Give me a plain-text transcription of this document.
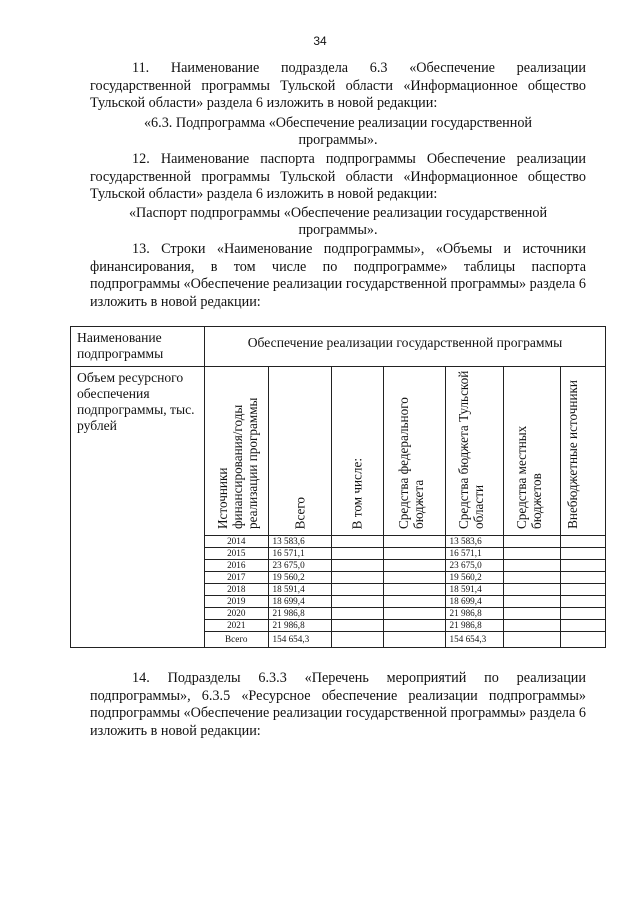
34
11. Наименование подраздела 6.3 «Обеспечение реализации государственной программы Тульской области «Информационное общество Тульской области» раздела 6 изложить в новой редакции:
«6.3. Подпрограмма «Обеспечение реализации государственной
программы».
12. Наименование паспорта подпрограммы Обеспечение реализации государственной программы Тульской области «Информационное общество Тульской области» раздела 6 изложить в новой редакции:
«Паспорт подпрограммы «Обеспечение реализации государственной
программы».
13. Строки «Наименование подпрограммы», «Объемы и источники финансирования, в том числе по подпрограмме» таблицы паспорта подпрограммы «Обеспечение реализации государственной программы» раздела 6 изложить в новой редакции:
Наименование подпрограммы	Обеспечение реализации государственной программы
Объем ресурсного обеспечения подпрограммы, тыс. рублей	
Источники финансирования/годы реализации программы	Всего	В том числе:	Средства федерального бюджета	Средства бюджета Тульской области	Средства местных бюджетов	Внебюджетные источники

2014	13 583,6			13 583,6		
2015	16 571,1			16 571,1		
2016	23 675,0			23 675,0		
2017	19 560,2			19 560,2		
2018	18 591,4			18 591,4		
2019	18 699,4			18 699,4		
2020	21 986,8			21 986,8		
2021	21 986,8			21 986,8		
Всего	154 654,3			154 654,3		
14. Подразделы 6.3.3 «Перечень мероприятий по реализации подпрограммы», 6.3.5 «Ресурсное обеспечение реализации подпрограммы» подпрограммы «Обеспечение реализации государственной программы» раздела 6 изложить в новой редакции:
